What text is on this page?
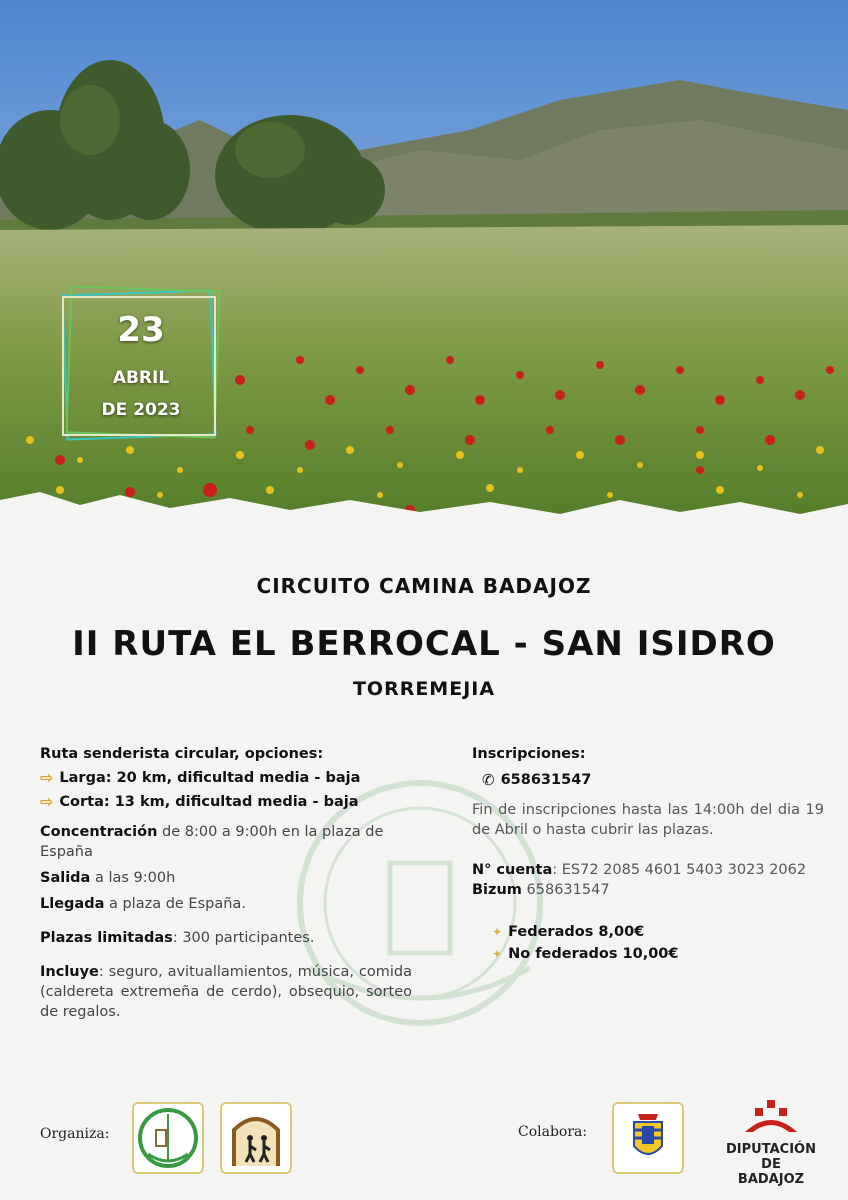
23
ABRIL
DE 2023
CIRCUITO CAMINA BADAJOZ
II RUTA EL BERROCAL - SAN ISIDRO
TORREMEJIA

Ruta senderista circular, opciones:

⇨ Larga: 20 km, dificultad media - baja
⇨ Corta: 13 km, dificultad media - baja

Concentración de 8:00 a 9:00h en la plaza de España

Salida a las 9:00h

Llegada a plaza de España.

Plazas limitadas: 300 participantes.

Incluye: seguro, avituallamientos, música, comida (caldereta extremeña de cerdo), obsequio, sorteo de regalos.

Inscripciones:
✆ 658631547
Fin de inscripciones hasta las 14:00h del dia 19 de Abril o hasta cubrir las plazas.
N° cuenta: ES72 2085 4601 5403 3023 2062
Bizum 658631547
✦ Federados 8,00€
✦ No federados 10,00€
Organiza:	Colabora:
DIPUTACIÓN
DE BADAJOZ
